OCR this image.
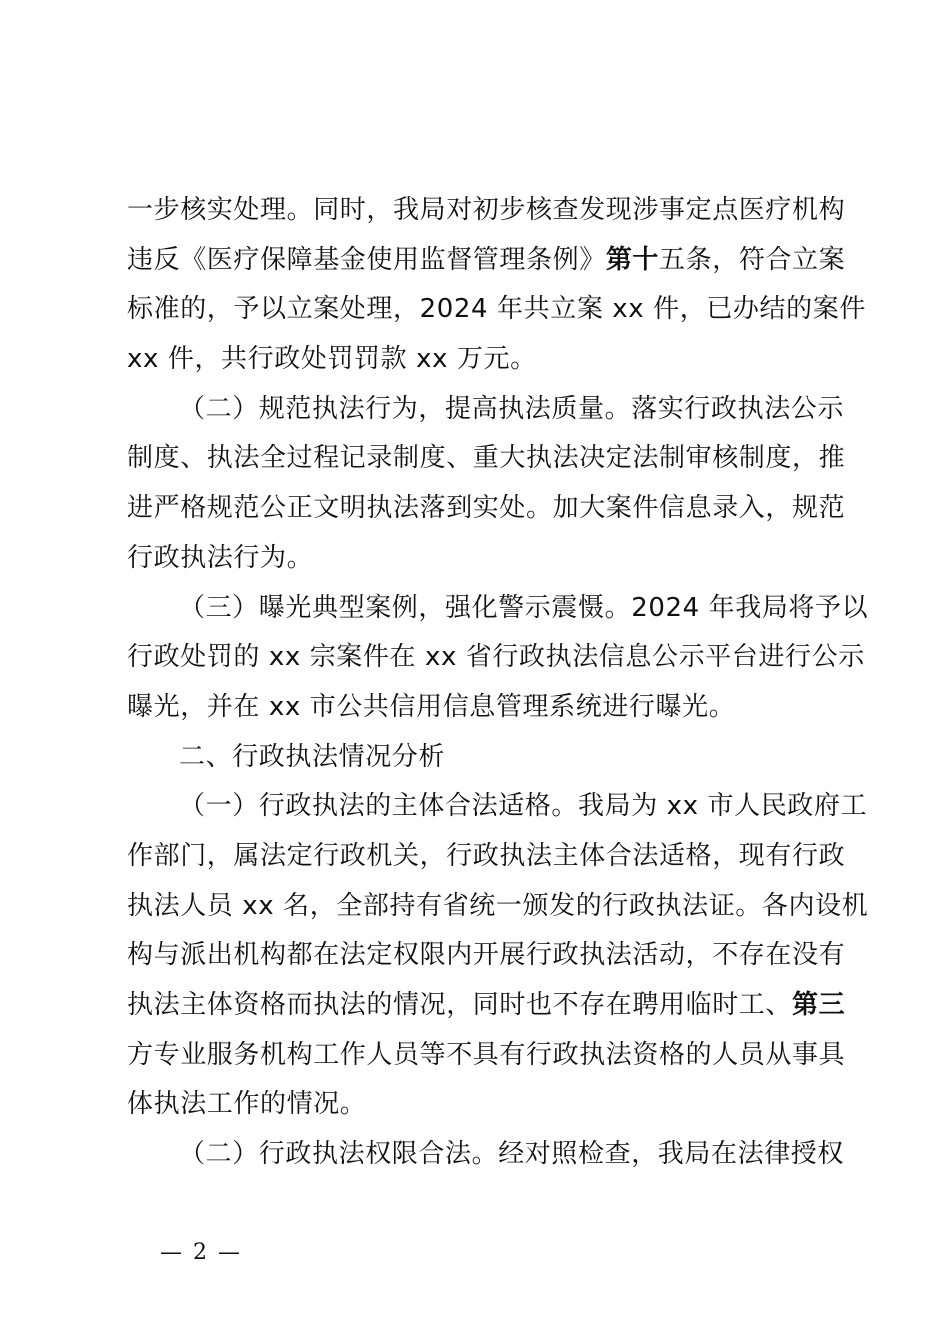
一步核实处理。同时，我局对初步核查发现涉事定点医疗机构
违反《医疗保障基金使用监督管理条例》第十五条，符合立案
标准的，予以立案处理，2024 年共立案 xx 件，已办结的案件
xx 件，共行政处罚罚款 xx 万元。
（二）规范执法行为，提高执法质量。落实行政执法公示
制度、执法全过程记录制度、重大执法决定法制审核制度，推
进严格规范公正文明执法落到实处。加大案件信息录入，规范
行政执法行为。
（三）曝光典型案例，强化警示震慑。2024 年我局将予以
行政处罚的 xx 宗案件在 xx 省行政执法信息公示平台进行公示
曝光，并在 xx 市公共信用信息管理系统进行曝光。
二、行政执法情况分析
（一）行政执法的主体合法适格。我局为 xx 市人民政府工
作部门，属法定行政机关，行政执法主体合法适格，现有行政
执法人员 xx 名，全部持有省统一颁发的行政执法证。各内设机
构与派出机构都在法定权限内开展行政执法活动，不存在没有
执法主体资格而执法的情况，同时也不存在聘用临时工、第三
方专业服务机构工作人员等不具有行政执法资格的人员从事具
体执法工作的情况。
（二）行政执法权限合法。经对照检查，我局在法律授权
— 2 —
